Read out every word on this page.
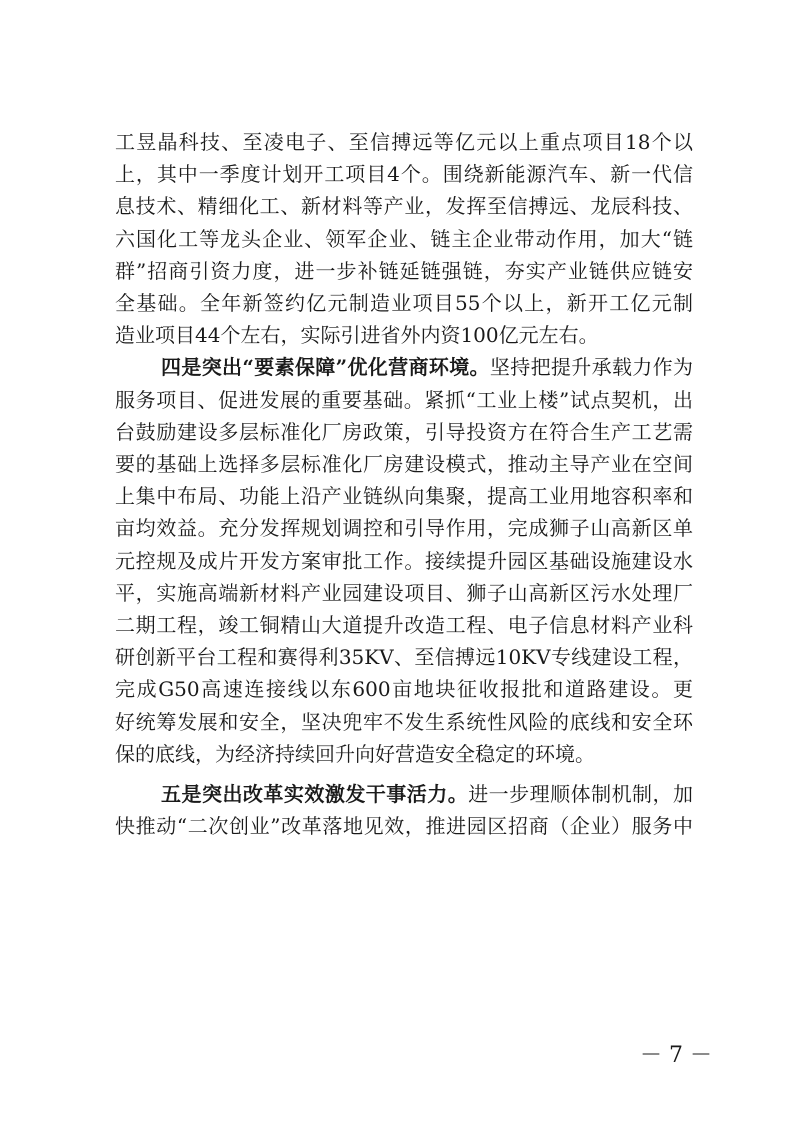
工昱晶科技、至凌电子、至信搏远等亿元以上重点项目18个以
上，其中一季度计划开工项目4个。围绕新能源汽车、新一代信
息技术、精细化工、新材料等产业，发挥至信搏远、龙辰科技、
六国化工等龙头企业、领军企业、链主企业带动作用，加大“链
群”招商引资力度，进一步补链延链强链，夯实产业链供应链安
全基础。全年新签约亿元制造业项目55个以上，新开工亿元制
造业项目44个左右，实际引进省外内资100亿元左右。
四是突出“要素保障”优化营商环境。坚持把提升承载力作为
服务项目、促进发展的重要基础。紧抓“工业上楼”试点契机，出
台鼓励建设多层标准化厂房政策，引导投资方在符合生产工艺需
要的基础上选择多层标准化厂房建设模式，推动主导产业在空间
上集中布局、功能上沿产业链纵向集聚，提高工业用地容积率和
亩均效益。充分发挥规划调控和引导作用，完成狮子山高新区单
元控规及成片开发方案审批工作。接续提升园区基础设施建设水
平，实施高端新材料产业园建设项目、狮子山高新区污水处理厂
二期工程，竣工铜精山大道提升改造工程、电子信息材料产业科
研创新平台工程和赛得利35KV、至信搏远10KV专线建设工程，
完成G50高速连接线以东600亩地块征收报批和道路建设。更
好统筹发展和安全，坚决兜牢不发生系统性风险的底线和安全环
保的底线，为经济持续回升向好营造安全稳定的环境。
五是突出改革实效激发干事活力。进一步理顺体制机制，加
快推动“二次创业”改革落地见效，推进园区招商（企业）服务中
－ 7 －
